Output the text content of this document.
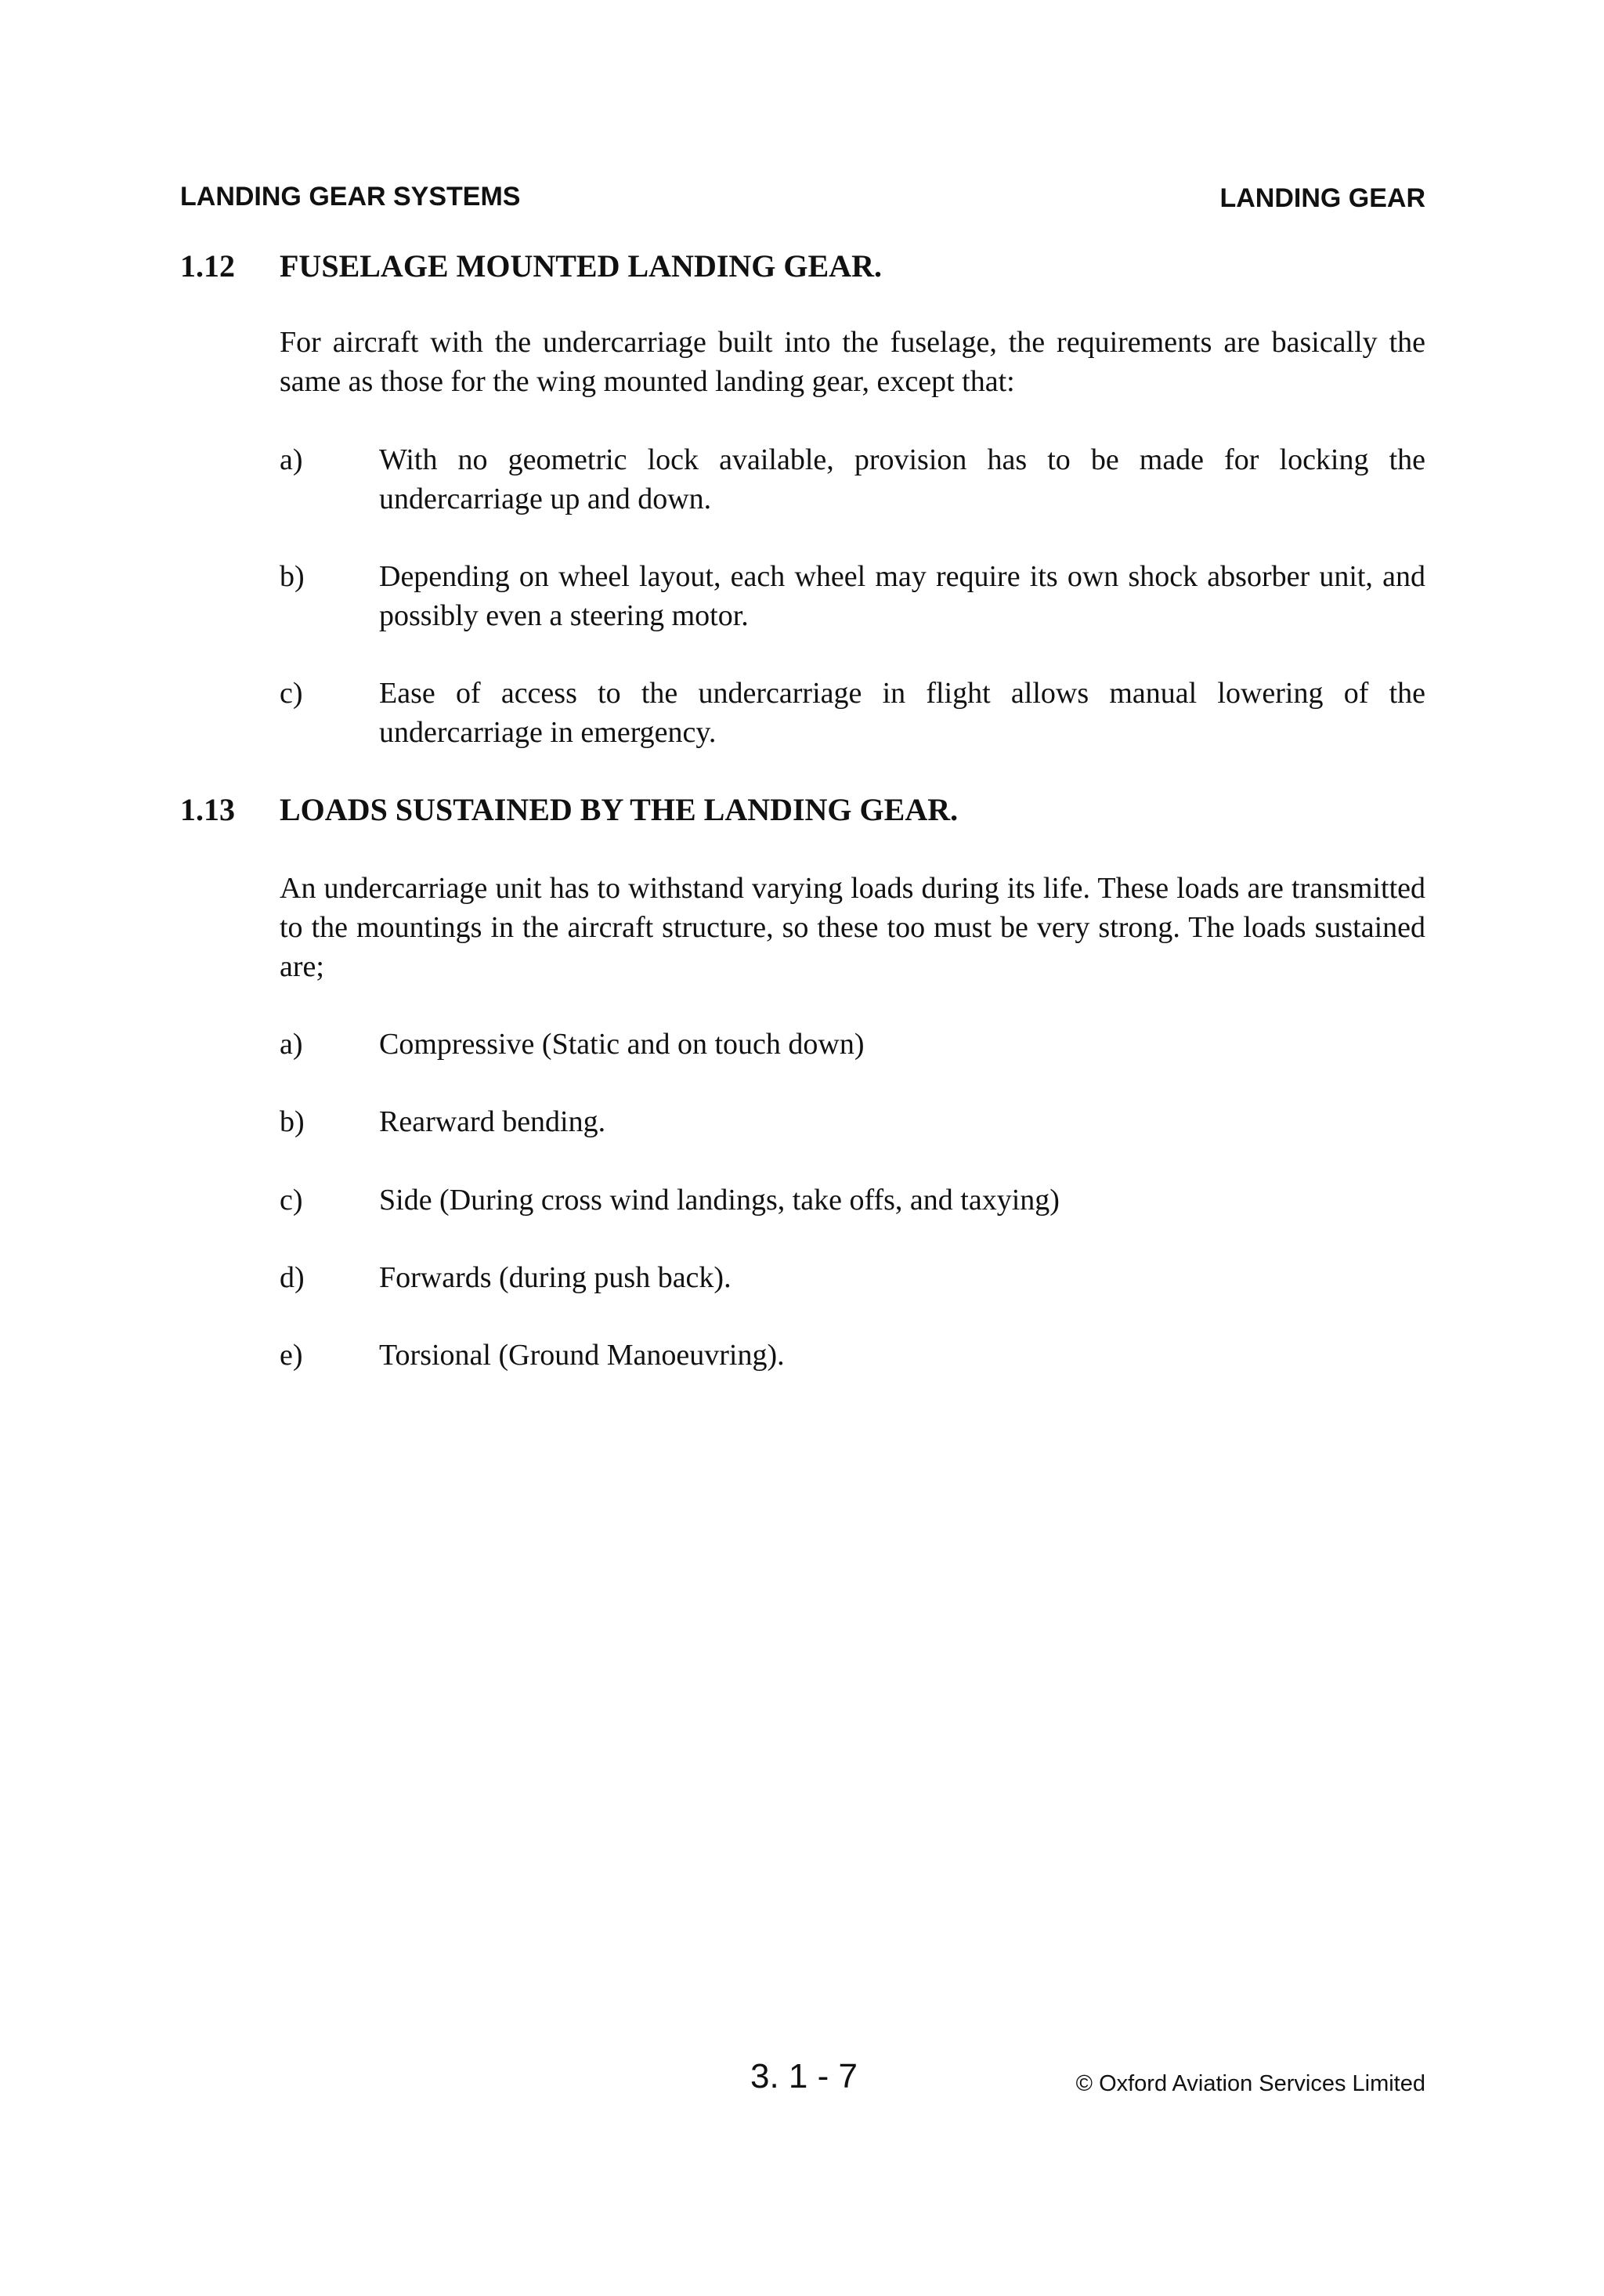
LANDING GEAR SYSTEMS	LANDING GEAR
1.12 FUSELAGE MOUNTED LANDING GEAR.

For aircraft with the undercarriage built into the fuselage, the requirements are basically the same as those for the wing mounted landing gear, except that:

a)	With no geometric lock available, provision has to be made for locking the undercarriage up and down.
b)	Depending on wheel layout, each wheel may require its own shock absorber unit, and possibly even a steering motor.
c)	Ease of access to the undercarriage in flight allows manual lowering of the undercarriage in emergency.
1.13 LOADS SUSTAINED BY THE LANDING GEAR.

An undercarriage unit has to withstand varying loads during its life. These loads are transmitted to the mountings in the aircraft structure, so these too must be very strong. The loads sustained are;

a)	Compressive (Static and on touch down)
b)	Rearward bending.
c)	Side (During cross wind landings, take offs, and taxying)
d)	Forwards (during push back).
e)	Torsional (Ground Manoeuvring).
3. 1 - 7	© Oxford Aviation Services Limited
